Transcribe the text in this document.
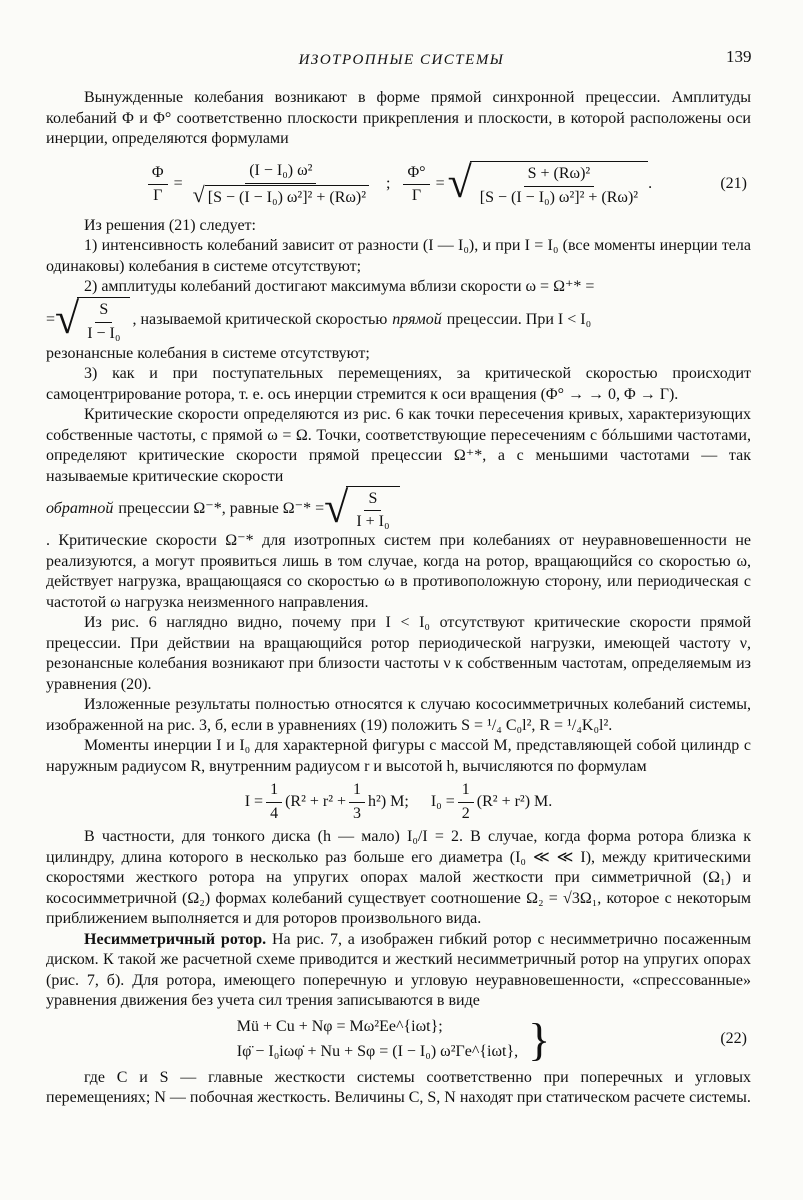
ИЗОТРОПНЫЕ СИСТЕМЫ	139

Вынужденные колебания возникают в форме прямой синхронной прецессии. Амплитуды колебаний Φ и Φ° соответственно плоскости прикрепления и плоскости, в которой расположены оси инерции, определяются формулами

$\frac{\Phi}{\Gamma} = \frac{\text{(I − I₀) ω²}}{\text{√ [S − (I − I₀) ω²]² + (Rω)²}}$ ; $\frac{\Phi^\circ}{\Gamma}$ = √ $\frac{\text{S + (Rω)²}}{\text{[S − (I − I₀) ω²]² + (Rω)²}}$ .	(21)

Из решения (21) следует:

1) интенсивность колебаний зависит от разности (I — I₀), и при I = I₀ (все моменты инерции тела одинаковы) колебания в системе отсутствуют;

2) амплитуды колебаний достигают максимума вблизи скорости ω = Ω⁺* =

= √ $\frac{S}{\text{I − I₀}}$ , называемой критической скоростью прямой прецессии. При I < I₀

резонансные колебания в системе отсутствуют;

3) как и при поступательных перемещениях, за критической скоростью происходит самоцентрирование ротора, т. е. ось инерции стремится к оси вращения (Φ° → → 0, Φ → Γ).

Критические скорости определяются из рис. 6 как точки пересечения кривых, характеризующих собственные частоты, с прямой ω = Ω. Точки, соответствующие пересечениям с бóльшими частотами, определяют критические скорости прямой прецессии Ω⁺*, а с меньшими частотами — так называемые критические скорости

обратной прецессии Ω⁻*, равные Ω⁻* = √ $\frac{S}{\text{I + I₀}}$

. Критические скорости Ω⁻* для изотропных систем при колебаниях от неуравновешенности не реализуются, а могут проявиться лишь в том случае, когда на ротор, вращающийся со скоростью ω, действует нагрузка, вращающаяся со скоростью ω в противоположную сторону, или периодическая с частотой ω нагрузка неизменного направления.

Из рис. 6 наглядно видно, почему при I < I₀ отсутствуют критические скорости прямой прецессии. При действии на вращающийся ротор периодической нагрузки, имеющей частоту ν, резонансные колебания возникают при близости частоты ν к собственным частотам, определяемым из уравнения (20).

Изложенные результаты полностью относятся к случаю кососимметричных колебаний системы, изображенной на рис. 3, б, если в уравнениях (19) положить S = ¹/₄ C₀l², R = ¹/₄K₀l².

Моменты инерции I и I₀ для характерной фигуры с массой M, представляющей собой цилиндр с наружным радиусом R, внутренним радиусом r и высотой h, вычисляются по формулам

$I = \frac{1}{4} (R^2 + r^2 + \frac{1}{3} h^2)$ M; $I_0 = \frac{1}{2} (R^2 + r^2)$ M.

В частности, для тонкого диска (h — мало) I₀/I = 2. В случае, когда форма ротора близка к цилиндру, длина которого в несколько раз больше его диаметра (I₀ ≪ ≪ I), между критическими скоростями жесткого ротора на упругих опорах малой жесткости при симметричной (Ω₁) и кососимметричной (Ω₂) формах колебаний существует соотношение Ω₂ = √3Ω₁, которое с некоторым приближением выполняется и для роторов произвольного вида.

Несимметричный ротор. На рис. 7, а изображен гибкий ротор с несимметрично посаженным диском. К такой же расчетной схеме приводится и жесткий несимметричный ротор на упругих опорах (рис. 7, б). Для ротора, имеющего поперечную и угловую неуравновешенности, «спрессованные» уравнения движения без учета сил трения записываются в виде

Mü + Cu + Nφ = Mω²Ee^{iωt};
Iφ̈ − I₀iωφ̇ + Nu + Sφ = (I − I₀) ω²Γe^{iωt}, }	(22)

где C и S — главные жесткости системы соответственно при поперечных и угловых перемещениях; N — побочная жесткость. Величины C, S, N находят при статическом расчете системы.
